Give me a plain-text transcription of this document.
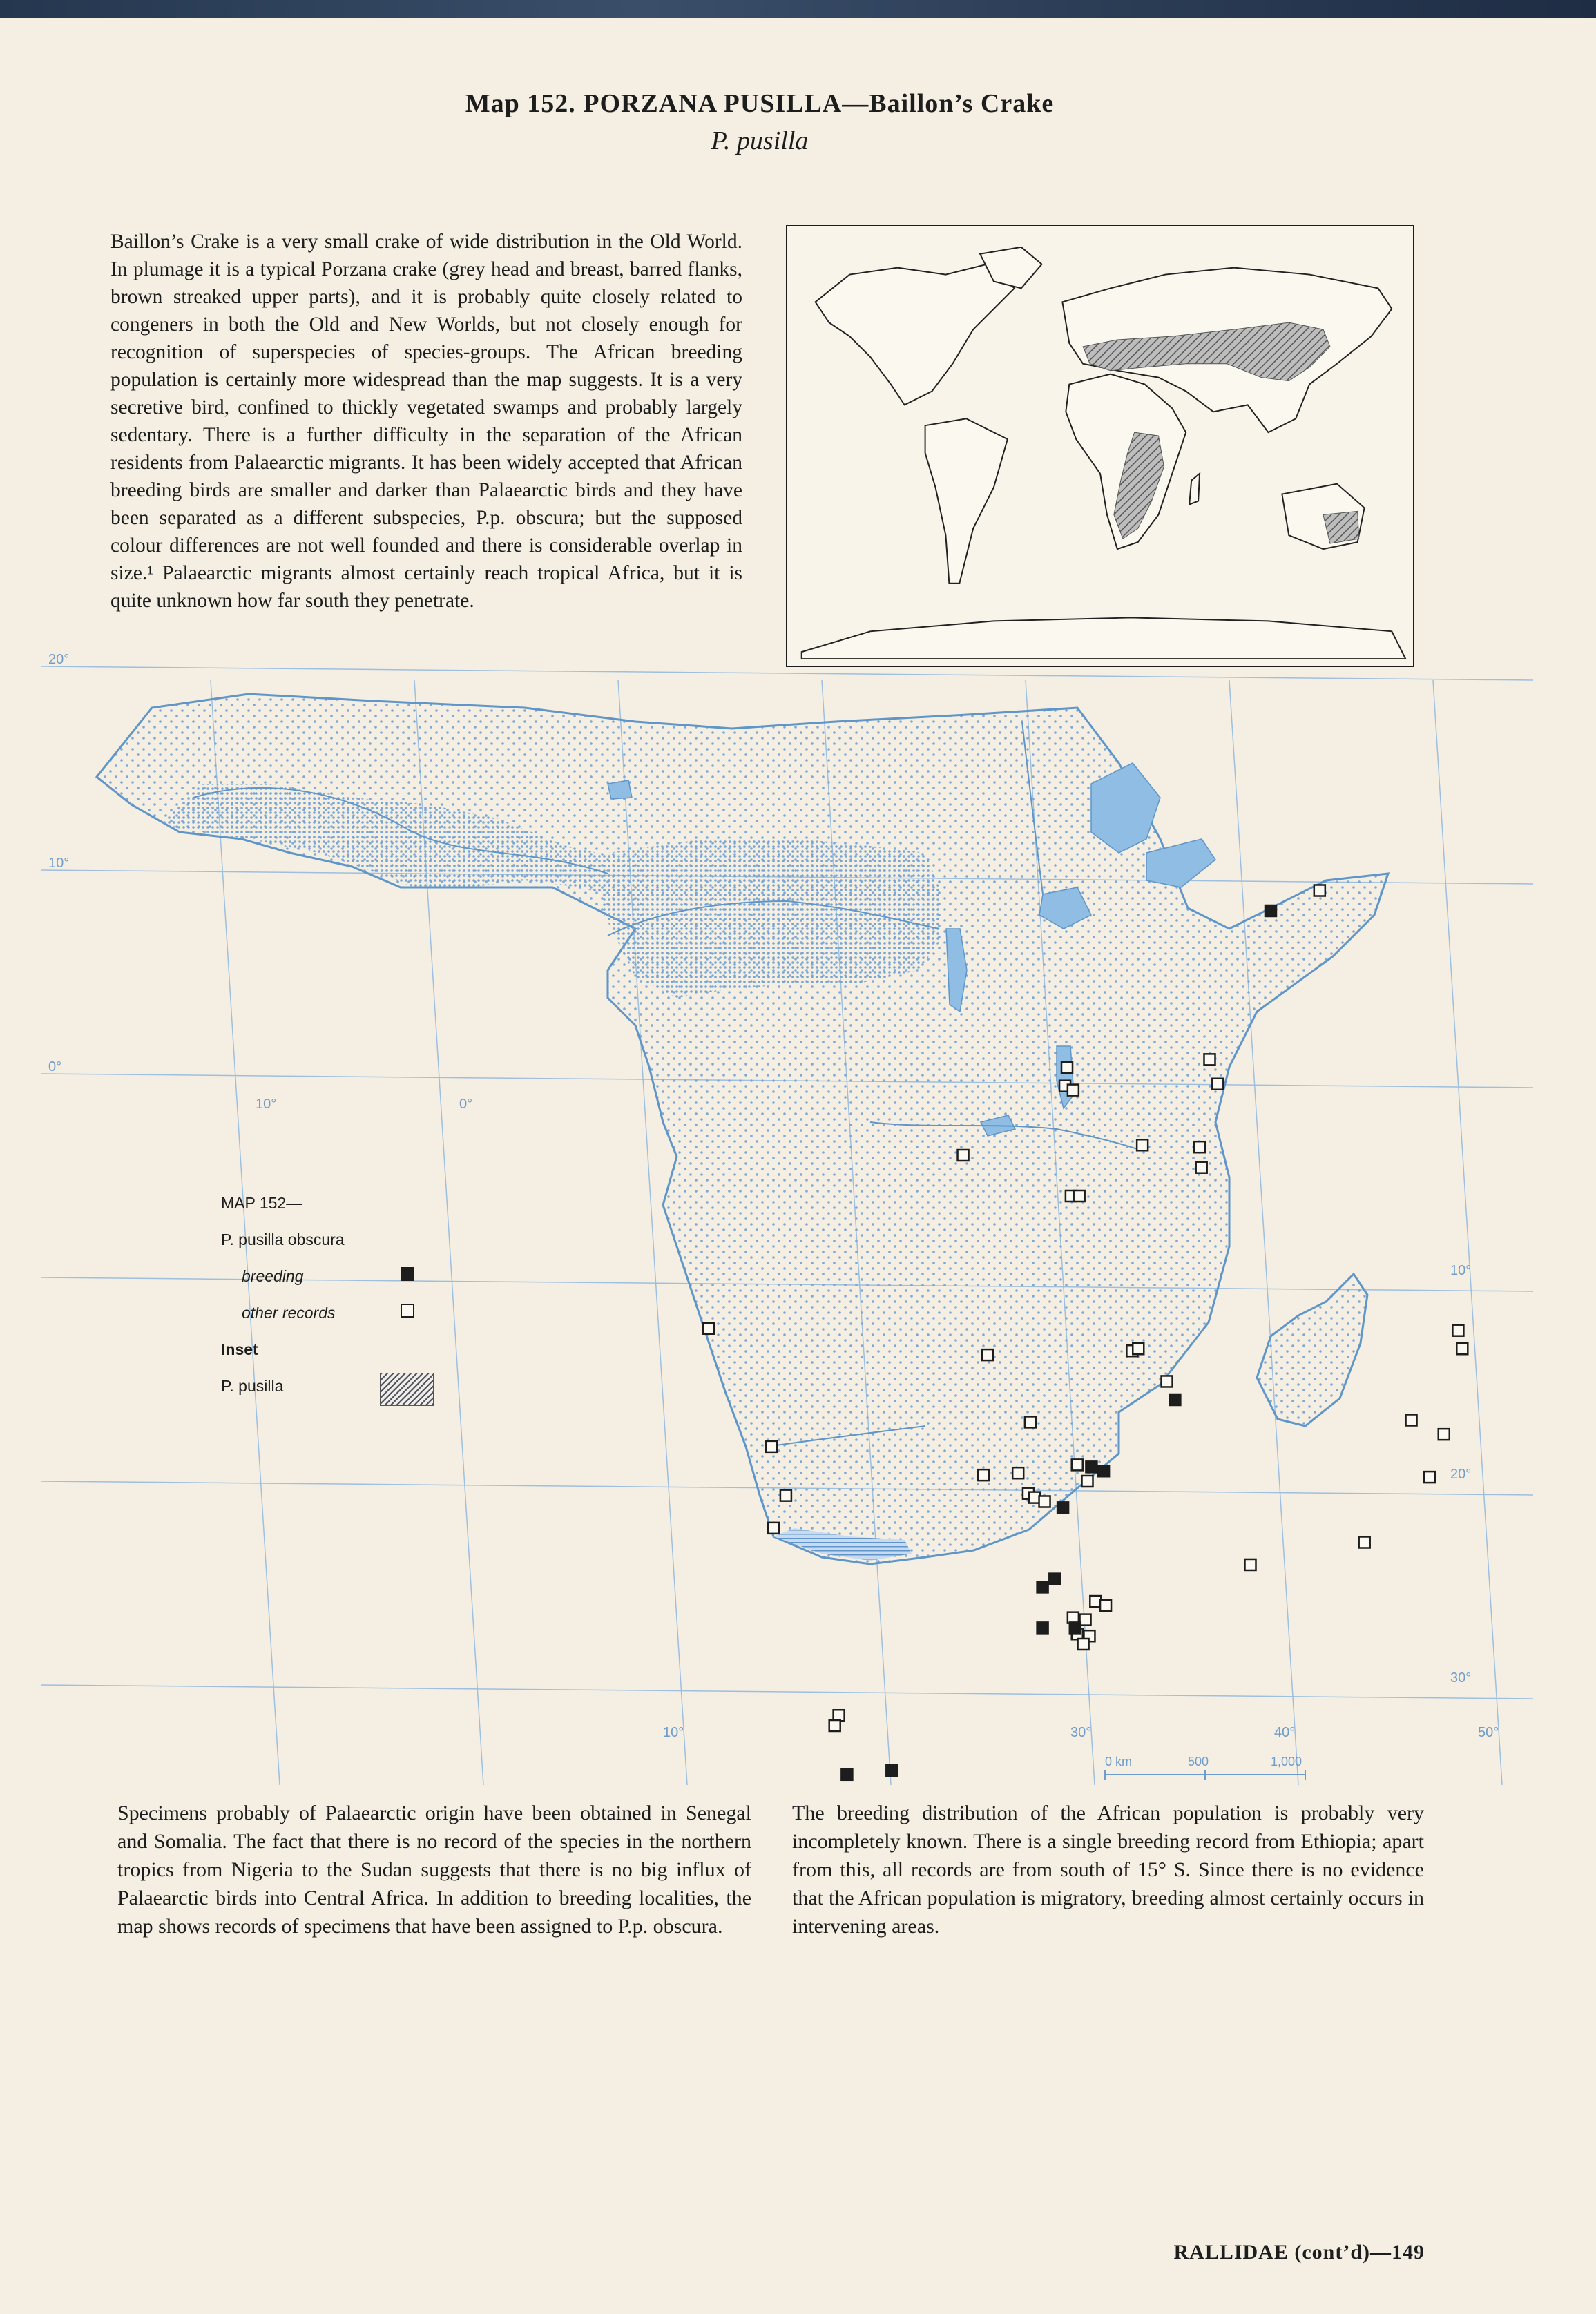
Map 152. PORZANA PUSILLA—Baillon’s Crake
P. pusilla
Baillon’s Crake is a very small crake of wide distribution in the Old World. In plumage it is a typical Porzana crake (grey head and breast, barred flanks, brown streaked upper parts), and it is probably quite closely related to congeners in both the Old and New Worlds, but not closely enough for recognition of superspecies of species-groups. The African breeding population is certainly more widespread than the map suggests. It is a very secretive bird, confined to thickly vegetated swamps and probably largely sedentary. There is a further difficulty in the separation of the African residents from Palaearctic migrants. It has been widely accepted that African breeding birds are smaller and darker than Palaearctic birds and they have been separated as a different subspecies, P.p. obscura; but the supposed colour differences are not well founded and there is considerable overlap in size.¹ Palaearctic migrants almost certainly reach tropical Africa, but it is quite unknown how far south they penetrate.
20°
10°
0°
10°
20°
30°
10°	0°
10°	30°	40°	50°
0 km	500	1,000
MAP 152—
P. pusilla obscura
breeding
other records
Inset
P. pusilla
Specimens probably of Palaearctic origin have been obtained in Senegal and Somalia. The fact that there is no record of the species in the northern tropics from Nigeria to the Sudan suggests that there is no big influx of Palaearctic birds into Central Africa. In addition to breeding localities, the map shows records of specimens that have been assigned to P.p. obscura.
The breeding distribution of the African population is probably very incompletely known. There is a single breeding record from Ethiopia; apart from this, all records are from south of 15° S. Since there is no evidence that the African population is migratory, breeding almost certainly occurs in intervening areas.
RALLIDAE (cont’d)—149
